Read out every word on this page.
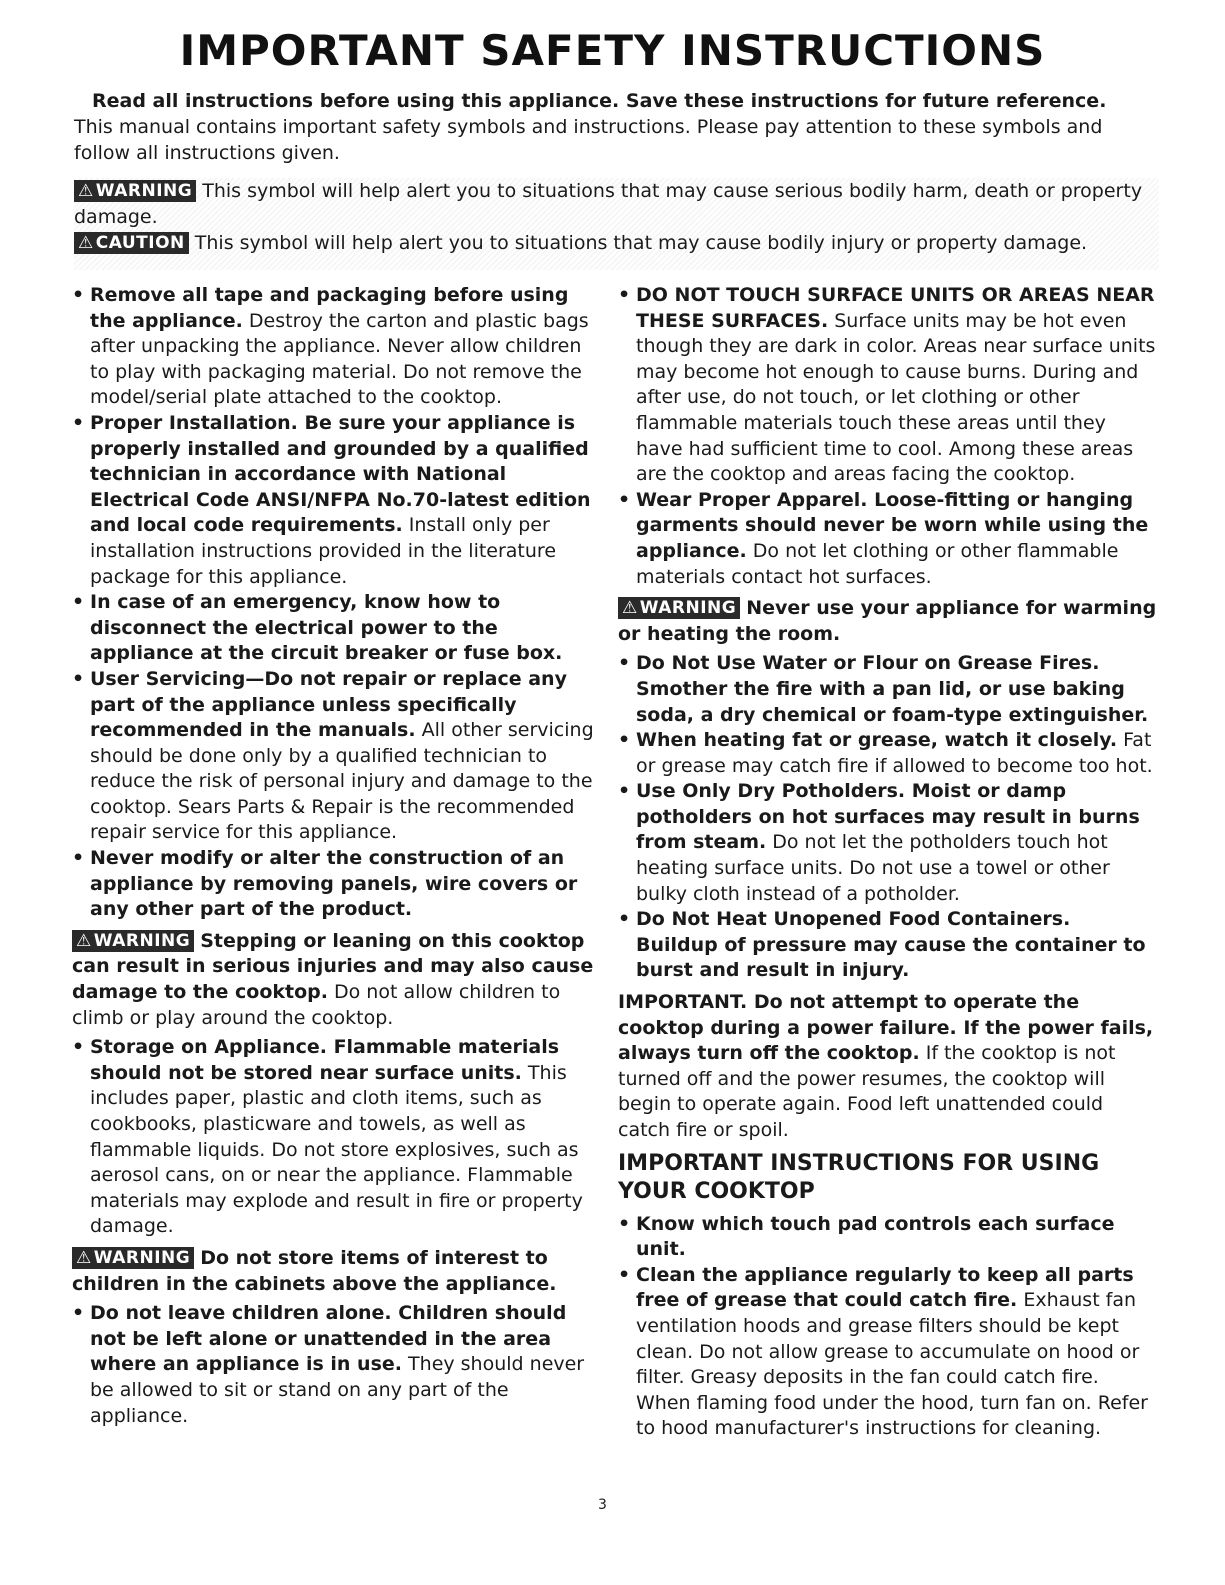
IMPORTANT SAFETY INSTRUCTIONS
Read all instructions before using this appliance. Save these instructions for future reference.
This manual contains important safety symbols and instructions. Please pay attention to these symbols and follow all instructions given.
⚠ WARNING This symbol will help alert you to situations that may cause serious bodily harm, death or property damage.
⚠ CAUTION This symbol will help alert you to situations that may cause bodily injury or property damage.
• Remove all tape and packaging before using the appliance. Destroy the carton and plastic bags after unpacking the appliance. Never allow children to play with packaging material. Do not remove the model/serial plate attached to the cooktop.
• Proper Installation. Be sure your appliance is properly installed and grounded by a qualified technician in accordance with National Electrical Code ANSI/NFPA No.70-latest edition and local code requirements. Install only per installation instructions provided in the literature package for this appliance.
• In case of an emergency, know how to disconnect the electrical power to the appliance at the circuit breaker or fuse box.
• User Servicing—Do not repair or replace any part of the appliance unless specifically recommended in the manuals. All other servicing should be done only by a qualified technician to reduce the risk of personal injury and damage to the cooktop. Sears Parts & Repair is the recommended repair service for this appliance.
• Never modify or alter the construction of an appliance by removing panels, wire covers or any other part of the product.
⚠ WARNING Stepping or leaning on this cooktop can result in serious injuries and may also cause damage to the cooktop. Do not allow children to climb or play around the cooktop.
• Storage on Appliance. Flammable materials should not be stored near surface units. This includes paper, plastic and cloth items, such as cookbooks, plasticware and towels, as well as flammable liquids. Do not store explosives, such as aerosol cans, on or near the appliance. Flammable materials may explode and result in fire or property damage.
⚠ WARNING Do not store items of interest to children in the cabinets above the appliance.
• Do not leave children alone. Children should not be left alone or unattended in the area where an appliance is in use. They should never be allowed to sit or stand on any part of the appliance.
• DO NOT TOUCH SURFACE UNITS OR AREAS NEAR THESE SURFACES. Surface units may be hot even though they are dark in color. Areas near surface units may become hot enough to cause burns. During and after use, do not touch, or let clothing or other flammable materials touch these areas until they have had sufficient time to cool. Among these areas are the cooktop and areas facing the cooktop.
• Wear Proper Apparel. Loose-fitting or hanging garments should never be worn while using the appliance. Do not let clothing or other flammable materials contact hot surfaces.
⚠ WARNING Never use your appliance for warming or heating the room.
• Do Not Use Water or Flour on Grease Fires. Smother the fire with a pan lid, or use baking soda, a dry chemical or foam-type extinguisher.
• When heating fat or grease, watch it closely. Fat or grease may catch fire if allowed to become too hot.
• Use Only Dry Potholders. Moist or damp potholders on hot surfaces may result in burns from steam. Do not let the potholders touch hot heating surface units. Do not use a towel or other bulky cloth instead of a potholder.
• Do Not Heat Unopened Food Containers. Buildup of pressure may cause the container to burst and result in injury.
IMPORTANT. Do not attempt to operate the cooktop during a power failure. If the power fails, always turn off the cooktop. If the cooktop is not turned off and the power resumes, the cooktop will begin to operate again. Food left unattended could catch fire or spoil.
IMPORTANT INSTRUCTIONS FOR USING YOUR COOKTOP
• Know which touch pad controls each surface unit.
• Clean the appliance regularly to keep all parts free of grease that could catch fire. Exhaust fan ventilation hoods and grease filters should be kept clean. Do not allow grease to accumulate on hood or filter. Greasy deposits in the fan could catch fire. When flaming food under the hood, turn fan on. Refer to hood manufacturer's instructions for cleaning.
3
